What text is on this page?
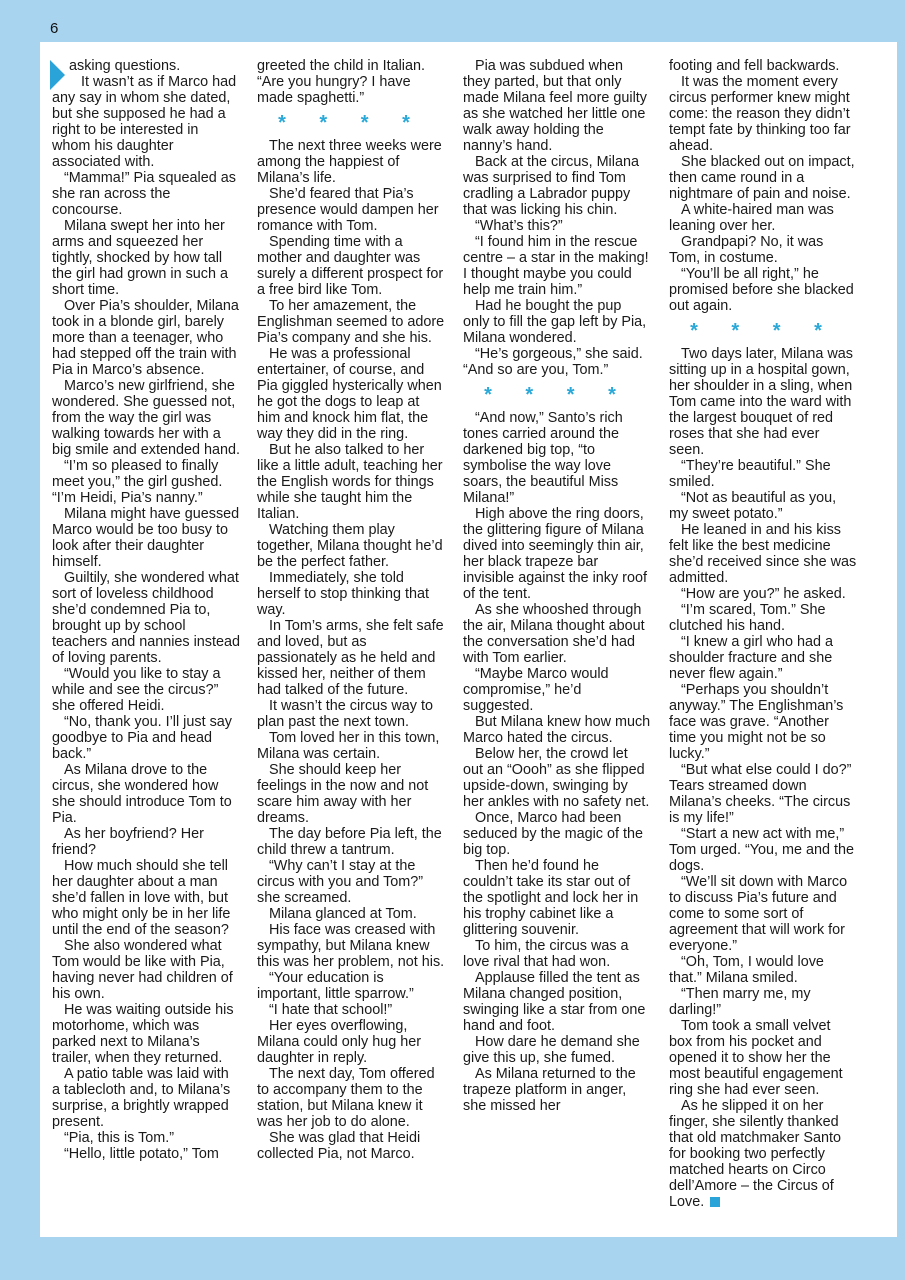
6

asking questions.

It wasn’t as if Marco had any say in whom she dated, but she supposed he had a right to be interested in whom his daughter associated with.

“Mamma!” Pia squealed as she ran across the concourse.

Milana swept her into her arms and squeezed her tightly, shocked by how tall the girl had grown in such a short time.

Over Pia’s shoulder, Milana took in a blonde girl, barely more than a teenager, who had stepped off the train with Pia in Marco’s absence.

Marco’s new girlfriend, she wondered. She guessed not, from the way the girl was walking towards her with a big smile and extended hand.

“I’m so pleased to finally meet you,” the girl gushed. “I’m Heidi, Pia’s nanny.”

Milana might have guessed Marco would be too busy to look after their daughter himself.

Guiltily, she wondered what sort of loveless childhood she’d condemned Pia to, brought up by school teachers and nannies instead of loving parents.

“Would you like to stay a while and see the circus?” she offered Heidi.

“No, thank you. I’ll just say goodbye to Pia and head back.”

As Milana drove to the circus, she wondered how she should introduce Tom to Pia.

As her boyfriend? Her friend?

How much should she tell her daughter about a man she’d fallen in love with, but who might only be in her life until the end of the season?

She also wondered what Tom would be like with Pia, having never had children of his own.

He was waiting outside his motorhome, which was parked next to Milana’s trailer, when they returned.

A patio table was laid with a tablecloth and, to Milana’s surprise, a brightly wrapped present.

“Pia, this is Tom.”

“Hello, little potato,” Tom

greeted the child in Italian. “Are you hungry? I have made spaghetti.”

* * * *

The next three weeks were among the happiest of Milana’s life.

She’d feared that Pia’s presence would dampen her romance with Tom.

Spending time with a mother and daughter was surely a different prospect for a free bird like Tom.

To her amazement, the Englishman seemed to adore Pia’s company and she his.

He was a professional entertainer, of course, and Pia giggled hysterically when he got the dogs to leap at him and knock him flat, the way they did in the ring.

But he also talked to her like a little adult, teaching her the English words for things while she taught him the Italian.

Watching them play together, Milana thought he’d be the perfect father.

Immediately, she told herself to stop thinking that way.

In Tom’s arms, she felt safe and loved, but as passionately as he held and kissed her, neither of them had talked of the future.

It wasn’t the circus way to plan past the next town.

Tom loved her in this town, Milana was certain.

She should keep her feelings in the now and not scare him away with her dreams.

The day before Pia left, the child threw a tantrum.

“Why can’t I stay at the circus with you and Tom?” she screamed.

Milana glanced at Tom.

His face was creased with sympathy, but Milana knew this was her problem, not his.

“Your education is important, little sparrow.”

“I hate that school!”

Her eyes overflowing, Milana could only hug her daughter in reply.

The next day, Tom offered to accompany them to the station, but Milana knew it was her job to do alone.

She was glad that Heidi collected Pia, not Marco.

Pia was subdued when they parted, but that only made Milana feel more guilty as she watched her little one walk away holding the nanny’s hand.

Back at the circus, Milana was surprised to find Tom cradling a Labrador puppy that was licking his chin.

“What’s this?”

“I found him in the rescue centre – a star in the making! I thought maybe you could help me train him.”

Had he bought the pup only to fill the gap left by Pia, Milana wondered.

“He’s gorgeous,” she said. “And so are you, Tom.”

* * * *

“And now,” Santo’s rich tones carried around the darkened big top, “to symbolise the way love soars, the beautiful Miss Milana!”

High above the ring doors, the glittering figure of Milana dived into seemingly thin air, her black trapeze bar invisible against the inky roof of the tent.

As she whooshed through the air, Milana thought about the conversation she’d had with Tom earlier.

“Maybe Marco would compromise,” he’d suggested.

But Milana knew how much Marco hated the circus.

Below her, the crowd let out an “Oooh” as she flipped upside-down, swinging by her ankles with no safety net.

Once, Marco had been seduced by the magic of the big top.

Then he’d found he couldn’t take its star out of the spotlight and lock her in his trophy cabinet like a glittering souvenir.

To him, the circus was a love rival that had won.

Applause filled the tent as Milana changed position, swinging like a star from one hand and foot.

How dare he demand she give this up, she fumed.

As Milana returned to the trapeze platform in anger, she missed her

footing and fell backwards.

It was the moment every circus performer knew might come: the reason they didn’t tempt fate by thinking too far ahead.

She blacked out on impact, then came round in a nightmare of pain and noise.

A white-haired man was leaning over her.

Grandpapi? No, it was Tom, in costume.

“You’ll be all right,” he promised before she blacked out again.

* * * *

Two days later, Milana was sitting up in a hospital gown, her shoulder in a sling, when Tom came into the ward with the largest bouquet of red roses that she had ever seen.

“They’re beautiful.” She smiled.

“Not as beautiful as you, my sweet potato.”

He leaned in and his kiss felt like the best medicine she’d received since she was admitted.

“How are you?” he asked.

“I’m scared, Tom.” She clutched his hand.

“I knew a girl who had a shoulder fracture and she never flew again.”

“Perhaps you shouldn’t anyway.” The Englishman’s face was grave. “Another time you might not be so lucky.”

“But what else could I do?” Tears streamed down Milana’s cheeks. “The circus is my life!”

“Start a new act with me,” Tom urged. “You, me and the dogs.

“We’ll sit down with Marco to discuss Pia’s future and come to some sort of agreement that will work for everyone.”

“Oh, Tom, I would love that.” Milana smiled.

“Then marry me, my darling!”

Tom took a small velvet box from his pocket and opened it to show her the most beautiful engagement ring she had ever seen.

As he slipped it on her finger, she silently thanked that old matchmaker Santo for booking two perfectly matched hearts on Circo dell’Amore – the Circus of Love.
